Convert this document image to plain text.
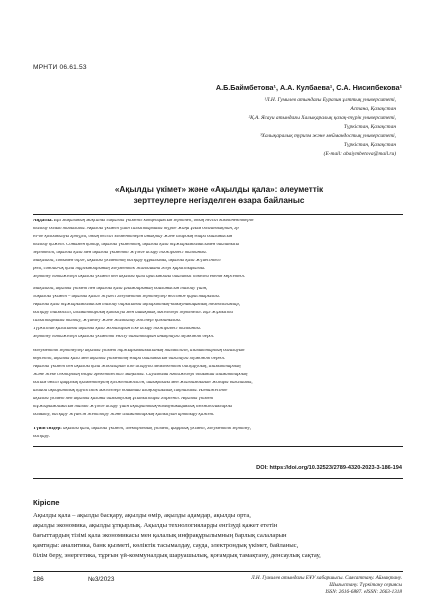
МРНТИ 06.61.53
А.Б.Баймбетова¹, А.А. Кулбаева¹, С.А. Нисипбекова¹
¹Л.Н. Гумилев атындағы Еуразия ұлттық университеті,
Астана, Қазақстан
²Қ.А. Ясауи атындағы Халықаралық қазақ-түрік университеті,
Түркістан, Қазақстан
³Халықаралық туризм және меймандостық университеті,
Түркістан, Қазақстан
(E-mail: abaiymbetova@mail.ru)
«Ақылды үкімет» және «Ақылды қала»: әлеуметтік
зерттеулерге негізделген өзара байланыс
Аңдатпа. Бұл мақаланың мақсаты «ақылды үкімет» концепциясын зерттеп, оның негізгі компоненттерін
талдау болып табылады. Ақылды үкімет үшін салыстырмалы түрде жаңа ұғым болғандықтан, әр
ел-де қолданылуы әртүрлі, оның негізгі элементтерін анықтау және олардың өзара байланысын
талдау қажет. Сонымен қатар, ақылды үкіметтің, ақылды қала тұжырымдамасымен байланысы
зерттеліп, ақылды қала мен ақылды үкіметті жүзеге асыру тәжірибесі талданды.
Мақалада, сонымен бірге, ақылды үкіметтің басқару құрылымы, ақылды қала жүйесіндегі
рөлі, сондай-ақ қала тұрғындарының әлеуметтік жағдайына әсері қарастырылды.
Зерттеу нәтижелері ақылды үкімет пен ақылды қала арасындағы байланыс тікелей екенін көрсетеді.
Мақалада, ақылды үкімет пен ақылды қала ұғымдарының байланысын талдау үшін,
«ақылды үкімет – ақылды қала» жүйесі әлеуметтік зерттеулер негізінде қарастырылды.
Ақылды қала тұжырымдамасын талдау барысында ақпараттық-коммуникациялық технологиялар,
басқару тиімділігі, азаматтардың қатысуы мен ашықтық мәселелері зерттелді. Бұл жұмыста
салыстырмалы талдау, жүйелеу және жалпылау әдістері қолданылды.
Түркістан қаласында ақылды қала жобаларын іске асыру тәжірибесі талданды.
Зерттеу нәтижелері ақылды үкіметті енгізу бағыттарын анықтауға мүмкіндік берді.
Әлеуметтік зерттеулер ақылды үкімет тұжырымдамасының тиімділігін, азаматтардың бағалауын
көрсетіп, ақылды қала мен ақылды үкіметтің өзара байланысын бағалауға мүмкіндік береді.
Ақылды үкімет пен ақылды қала жобаларын іске асыруда мемлекеттік басқарудың, азаматтардың
және жеке сектордың өзара әрекеттестігі маңызды. Сауалнама нәтижелері бойынша азаматтардың
басым бөлігі цифрлық қызметтердің қолжетімділігін, ашықтығы мен жылдамдығын жоғары бағалайды,
алайда ақпараттық қауіпсіздік мәселелері бойынша алаңдаушылық сақталады. Нәтижесінде
ақылды үкімет пен ақылды қаланы дамытудың ұсыныстары әзірленді. Ақылды үкімет
тұжырымдамасын тиімді жүзеге асыру үшін ақпараттық-коммуникациялық технологияларды
дамыту, басқару жүйесін жетілдіру және азаматтардың қатысуын арттыру қажет.
Түйін сөздер: ақылды қала, ақылды үкімет, электрондық үкімет, цифрлық үкімет, әлеуметтік зерттеу,
басқару.
DOI: https://doi.org/10.32523/2789-4320-2023-3-186-194
Кіріспе
Ақылды қала – ақылды басқару, ақылды өмір, ақылды адамдар, ақылды орта,
ақылды экономика, ақылды ұтқырлық. Ақылды технологияларды енгізуді қажет ететін
бағыттардың тізімі қала экономикасы мен қалалық инфрақұрылымның барлық салаларын
қамтиды: аналитика, банк қызметі, көліктік тасымалдау, сауда, электрондық үкімет, байланыс,
білім беру, энергетика, тұрғын үй-коммуналдық шаруашылық, қоғамдық тамақтану, денсаулық сақтау,
186	№3/2023	Л.Н. Гумилев атындағы ЕҰУ хабаршысы. Саясаттану. Аймақтану.
Шығыстану. Түркітану сериясы
ISSN: 2616-6887. eISSN: 2663-1318
